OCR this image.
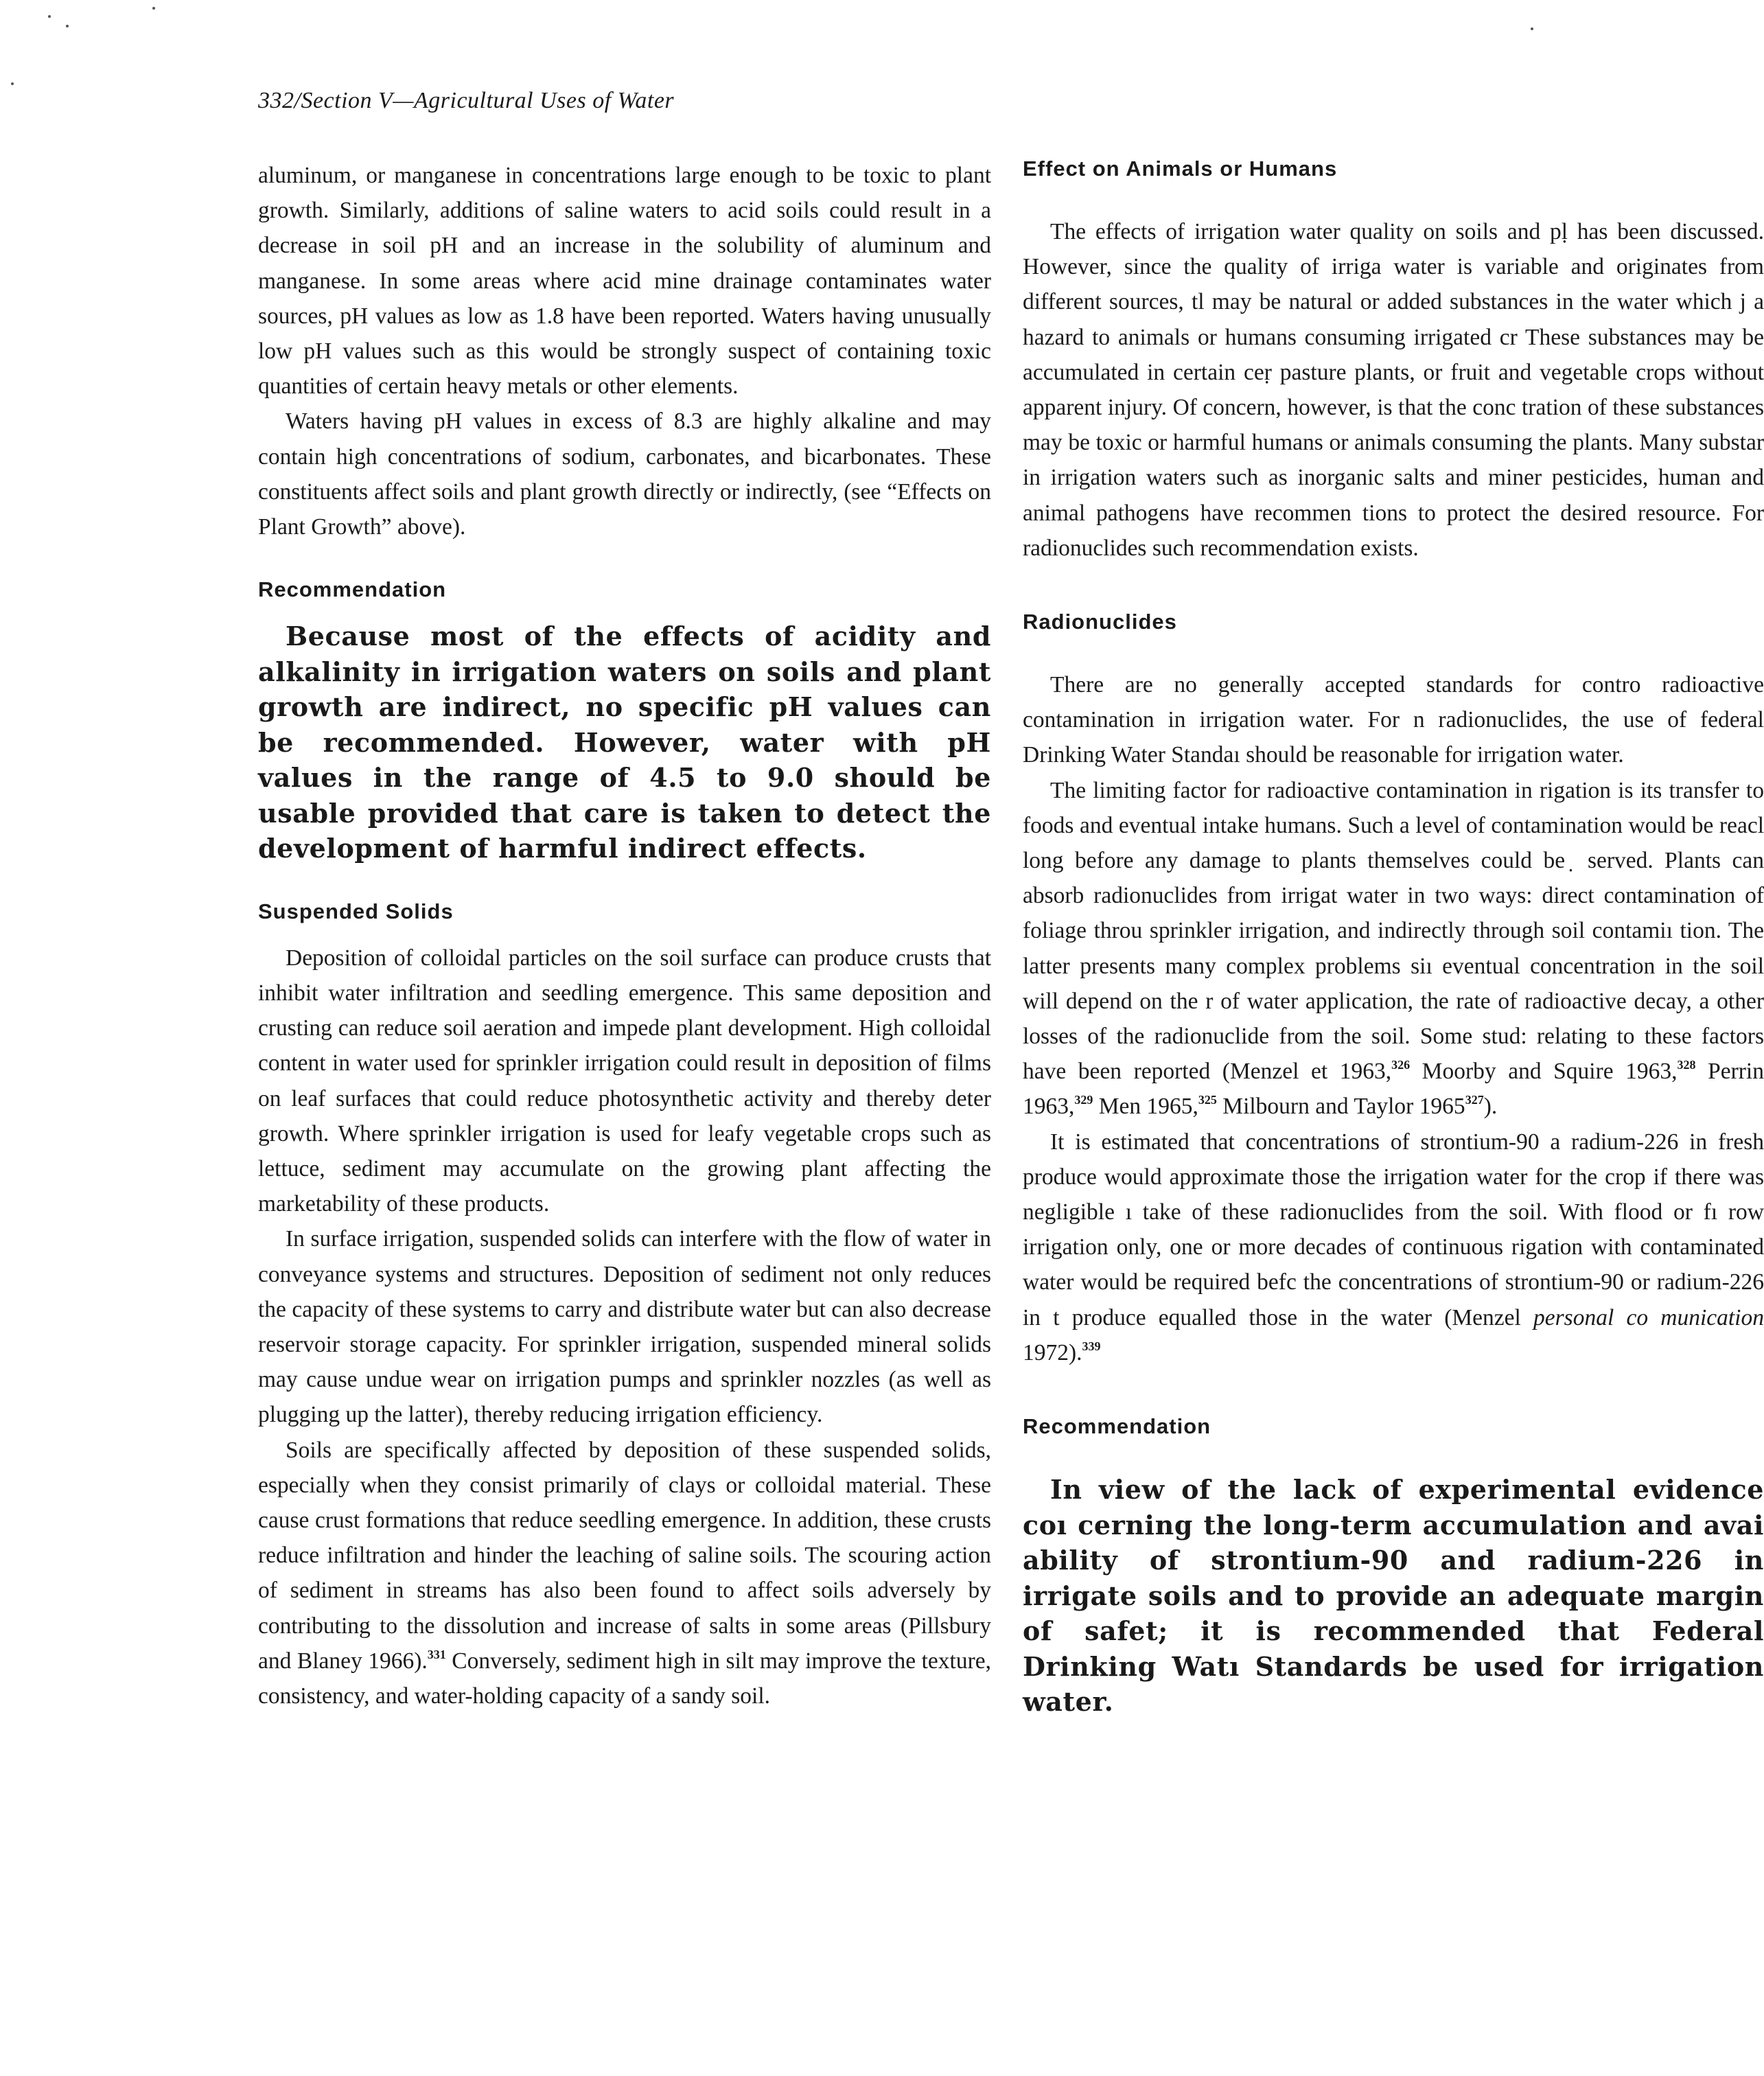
332/Section V—Agricultural Uses of Water

aluminum, or manganese in concentrations large enough to be toxic to plant growth. Similarly, additions of saline waters to acid soils could result in a decrease in soil pH and an increase in the solubility of aluminum and manganese. In some areas where acid mine drainage contaminates water sources, pH values as low as 1.8 have been reported. Waters having unusually low pH values such as this would be strongly suspect of containing toxic quantities of certain heavy metals or other elements.

Waters having pH values in excess of 8.3 are highly alkaline and may contain high concentrations of sodium, carbonates, and bicarbonates. These constituents affect soils and plant growth directly or indirectly, (see “Effects on Plant Growth” above).

Recommendation

Because most of the effects of acidity and alkalinity in irrigation waters on soils and plant growth are indirect, no specific pH values can be recommended. However, water with pH values in the range of 4.5 to 9.0 should be usable provided that care is taken to detect the development of harmful indirect effects.

Suspended Solids

Deposition of colloidal particles on the soil surface can produce crusts that inhibit water infiltration and seedling emergence. This same deposition and crusting can reduce soil aeration and impede plant development. High colloidal content in water used for sprinkler irrigation could result in deposition of films on leaf surfaces that could reduce photosynthetic activity and thereby deter growth. Where sprinkler irrigation is used for leafy vegetable crops such as lettuce, sediment may accumulate on the growing plant affecting the marketability of these products.

In surface irrigation, suspended solids can interfere with the flow of water in conveyance systems and structures. Deposition of sediment not only reduces the capacity of these systems to carry and distribute water but can also decrease reservoir storage capacity. For sprinkler irrigation, suspended mineral solids may cause undue wear on irrigation pumps and sprinkler nozzles (as well as plugging up the latter), thereby reducing irrigation efficiency.

Soils are specifically affected by deposition of these suspended solids, especially when they consist primarily of clays or colloidal material. These cause crust formations that reduce seedling emergence. In addition, these crusts reduce infiltration and hinder the leaching of saline soils. The scouring action of sediment in streams has also been found to affect soils adversely by contributing to the dissolution and increase of salts in some areas (Pillsbury and Blaney 1966).$^{331}$ Conversely, sediment high in silt may improve the texture, consistency, and water-holding capacity of a sandy soil.

Effect on Animals or Humans

The effects of irrigation water quality on soils and pḷ has been discussed. However, since the quality of irriga water is variable and originates from different sources, tl may be natural or added substances in the water which j a hazard to animals or humans consuming irrigated cr These substances may be accumulated in certain ceṛ pasture plants, or fruit and vegetable crops without apparent injury. Of concern, however, is that the conc tration of these substances may be toxic or harmful humans or animals consuming the plants. Many substar in irrigation waters such as inorganic salts and miner pesticides, human and animal pathogens have recommen tions to protect the desired resource. For radionuclides such recommendation exists.

Radionuclides

There are no generally accepted standards for contro radioactive contamination in irrigation water. For n radionuclides, the use of federal Drinking Water Standaı should be reasonable for irrigation water.

The limiting factor for radioactive contamination in rigation is its transfer to foods and eventual intake humans. Such a level of contamination would be reacl long before any damage to plants themselves could be ̣ served. Plants can absorb radionuclides from irrigat water in two ways: direct contamination of foliage throu sprinkler irrigation, and indirectly through soil contamiı tion. The latter presents many complex problems siı eventual concentration in the soil will depend on the r of water application, the rate of radioactive decay, a other losses of the radionuclide from the soil. Some stud: relating to these factors have been reported (Menzel et 1963,$^{326}$ Moorby and Squire 1963,$^{328}$ Perrin 1963,$^{329}$ Men 1965,$^{325}$ Milbourn and Taylor 1965$^{327}$).

It is estimated that concentrations of strontium-90 a radium-226 in fresh produce would approximate those the irrigation water for the crop if there was negligible ı take of these radionuclides from the soil. With flood or fı row irrigation only, one or more decades of continuous rigation with contaminated water would be required befc the concentrations of strontium-90 or radium-226 in t produce equalled those in the water (Menzel personal co munication 1972).$^{339}$

Recommendation

In view of the lack of experimental evidence coı cerning the long-term accumulation and avai ability of strontium-90 and radium-226 in irrigate soils and to provide an adequate margin of safet; it is recommended that Federal Drinking Watı Standards be used for irrigation water.
